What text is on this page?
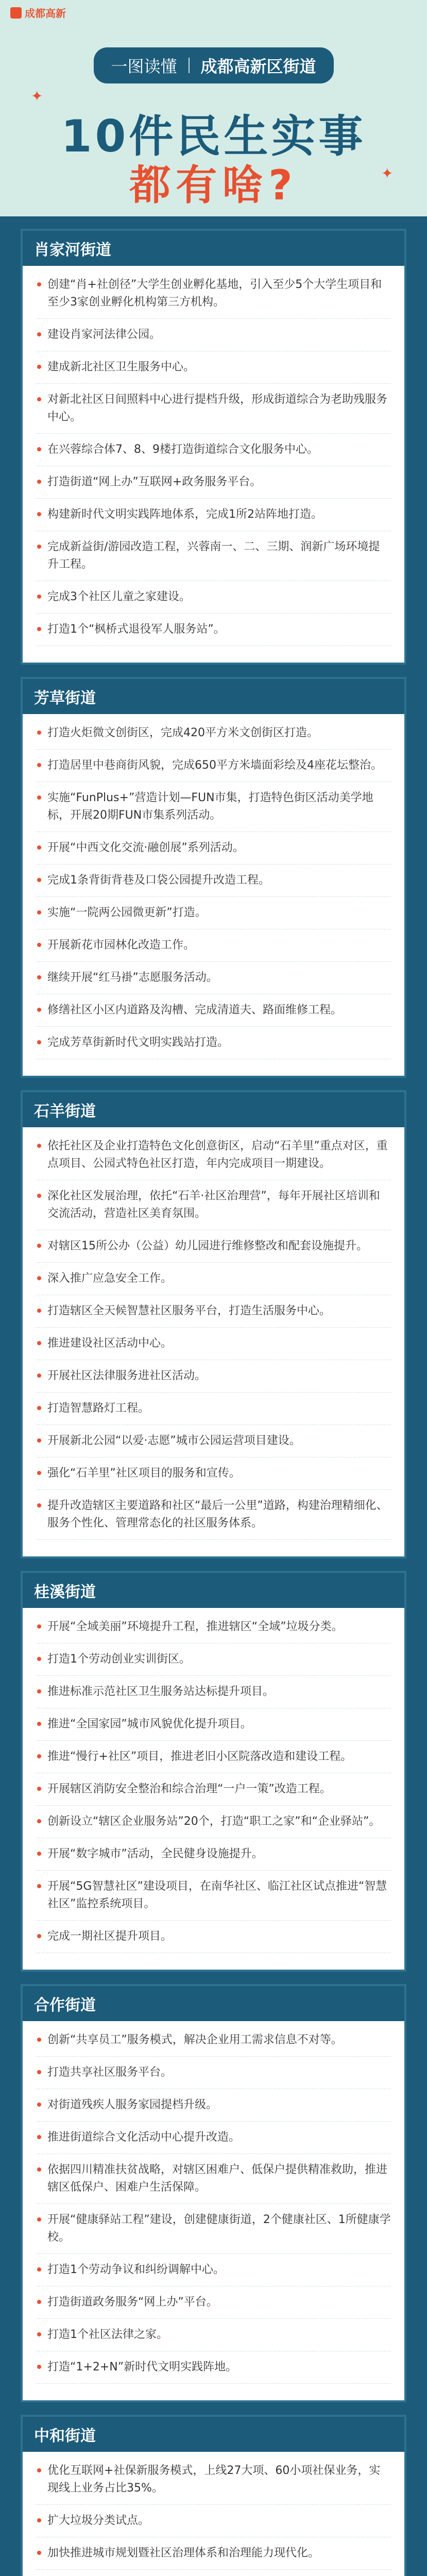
成都高新
一图读懂 成都高新区街道
10件民生实事
都有啥?
✦
✦
肖家河街道
创建“肖+社创径”大学生创业孵化基地，引入至少5个大学生项目和至少3家创业孵化机构第三方机构。
建设肖家河法律公园。
建成新北社区卫生服务中心。
对新北社区日间照料中心进行提档升级，形成街道综合为老助残服务中心。
在兴蓉综合体7、8、9楼打造街道综合文化服务中心。
打造街道“网上办”互联网+政务服务平台。
构建新时代文明实践阵地体系，完成1所2站阵地打造。
完成新益街/游园改造工程，兴蓉南一、二、三期、润新广场环境提升工程。
完成3个社区儿童之家建设。
打造1个“枫桥式退役军人服务站”。
芳草街道
打造火炬微文创街区，完成420平方米文创街区打造。
打造居里中巷商街风貌，完成650平方米墙面彩绘及4座花坛整治。
实施“FunPlus+”营造计划—FUN市集，打造特色街区活动美学地标，开展20期FUN市集系列活动。
开展“中西文化交流·融创展”系列活动。
完成1条背街背巷及口袋公园提升改造工程。
实施“一院两公园微更新”打造。
开展新花市园林化改造工作。
继续开展“红马褂”志愿服务活动。
修缮社区小区内道路及沟槽、完成清道夫、路面维修工程。
完成芳草街新时代文明实践站打造。
石羊街道
依托社区及企业打造特色文化创意街区，启动“石羊里”重点对区，重点项目、公园式特色社区打造，年内完成项目一期建设。
深化社区发展治理，依托“石羊·社区治理营”，每年开展社区培训和交流活动，营造社区美育氛围。
对辖区15所公办（公益）幼儿园进行维修整改和配套设施提升。
深入推广应急安全工作。
打造辖区全天候智慧社区服务平台，打造生活服务中心。
推进建设社区活动中心。
开展社区法律服务进社区活动。
打造智慧路灯工程。
开展新北公园“以爱·志愿”城市公园运营项目建设。
强化“石羊里”社区项目的服务和宣传。
提升改造辖区主要道路和社区“最后一公里”道路，构建治理精细化、服务个性化、管理常态化的社区服务体系。
桂溪街道
开展“全域美丽”环境提升工程，推进辖区“全域”垃圾分类。
打造1个劳动创业实训街区。
推进标准示范社区卫生服务站达标提升项目。
推进“全国家园”城市风貌优化提升项目。
推进“慢行+社区”项目，推进老旧小区院落改造和建设工程。
开展辖区消防安全整治和综合治理“一户一策”改造工程。
创新设立“辖区企业服务站”20个，打造“职工之家”和“企业驿站”。
开展“数字城市”活动，全民健身设施提升。
开展“5G智慧社区”建设项目，在南华社区、临江社区试点推进“智慧社区”监控系统项目。
完成一期社区提升项目。
合作街道
创新“共享员工”服务模式，解决企业用工需求信息不对等。
打造共享社区服务平台。
对街道残疾人服务家园提档升级。
推进街道综合文化活动中心提升改造。
依据四川精准扶贫战略，对辖区困难户、低保户提供精准救助，推进辖区低保户、困难户生活保障。
开展“健康驿站工程”建设，创建健康街道，2个健康社区、1所健康学校。
打造1个劳动争议和纠纷调解中心。
打造街道政务服务“网上办”平台。
打造1个社区法律之家。
打造“1+2+N”新时代文明实践阵地。
中和街道
优化互联网+社保新服务模式，上线27大项、60小项社保业务，实现线上业务占比35%。
扩大垃圾分类试点。
加快推进城市规划暨社区治理体系和治理能力现代化。
